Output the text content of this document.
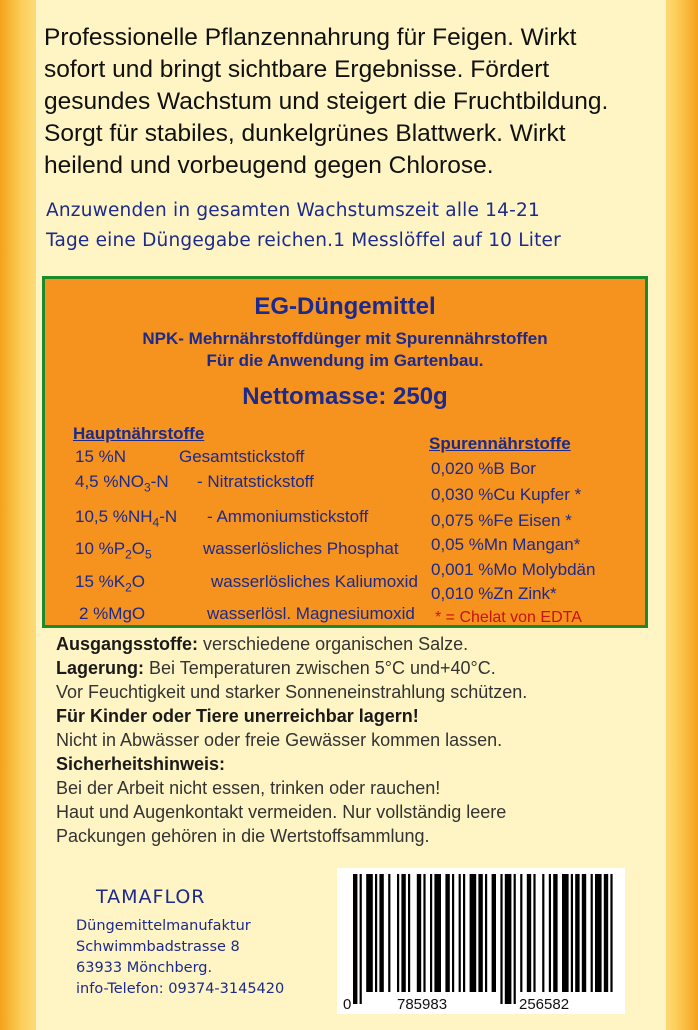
Professionelle Pflanzennahrung für Feigen. Wirkt
sofort und bringt sichtbare Ergebnisse. Fördert
gesundes Wachstum und steigert die Fruchtbildung.
Sorgt für stabiles, dunkelgrünes Blattwerk. Wirkt
heilend und vorbeugend gegen Chlorose.
Anzuwenden in gesamten Wachstumszeit alle 14-21
Tage eine Düngegabe reichen.1 Messlöffel auf 10 Liter
EG-Düngemittel
NPK- Mehrnährstoffdünger mit Spurennährstoffen
Für die Anwendung im Gartenbau.
Nettomasse: 250g
Hauptnährstoffe
15 %N	Gesamtstickstoff
4,5 $\%NO_3-N$ - Nitratstickstoff
10,5 $\%NH_4-N$ - Ammoniumstickstoff
10 $\%P_2O_5$	wasserlösliches Phosphat
15 $\%K_2O$	wasserlösliches Kaliumoxid
2 %MgO	wasserlösl. Magnesiumoxid
Spurennährstoffe
0,020 %B Bor
0,030 %Cu Kupfer *
0,075 %Fe Eisen *
0,05 %Mn Mangan*
0,001 %Mo Molybdän
0,010 %Zn Zink*
* = Chelat von EDTA

Ausgangsstoffe: verschiedene organischen Salze.

Lagerung: Bei Temperaturen zwischen 5°C und+40°C.

Vor Feuchtigkeit und starker Sonneneinstrahlung schützen.

Für Kinder oder Tiere unerreichbar lagern!

Nicht in Abwässer oder freie Gewässer kommen lassen.

Sicherheitshinweis:

Bei der Arbeit nicht essen, trinken oder rauchen!

Haut und Augenkontakt vermeiden. Nur vollständig leere

Packungen gehören in die Wertstoffsammlung.

TAMAFLOR
Düngemittelmanufaktur
Schwimmbadstrasse 8
63933 Mönchberg.
info-Telefon: 09374-3145420
0	785983	256582
